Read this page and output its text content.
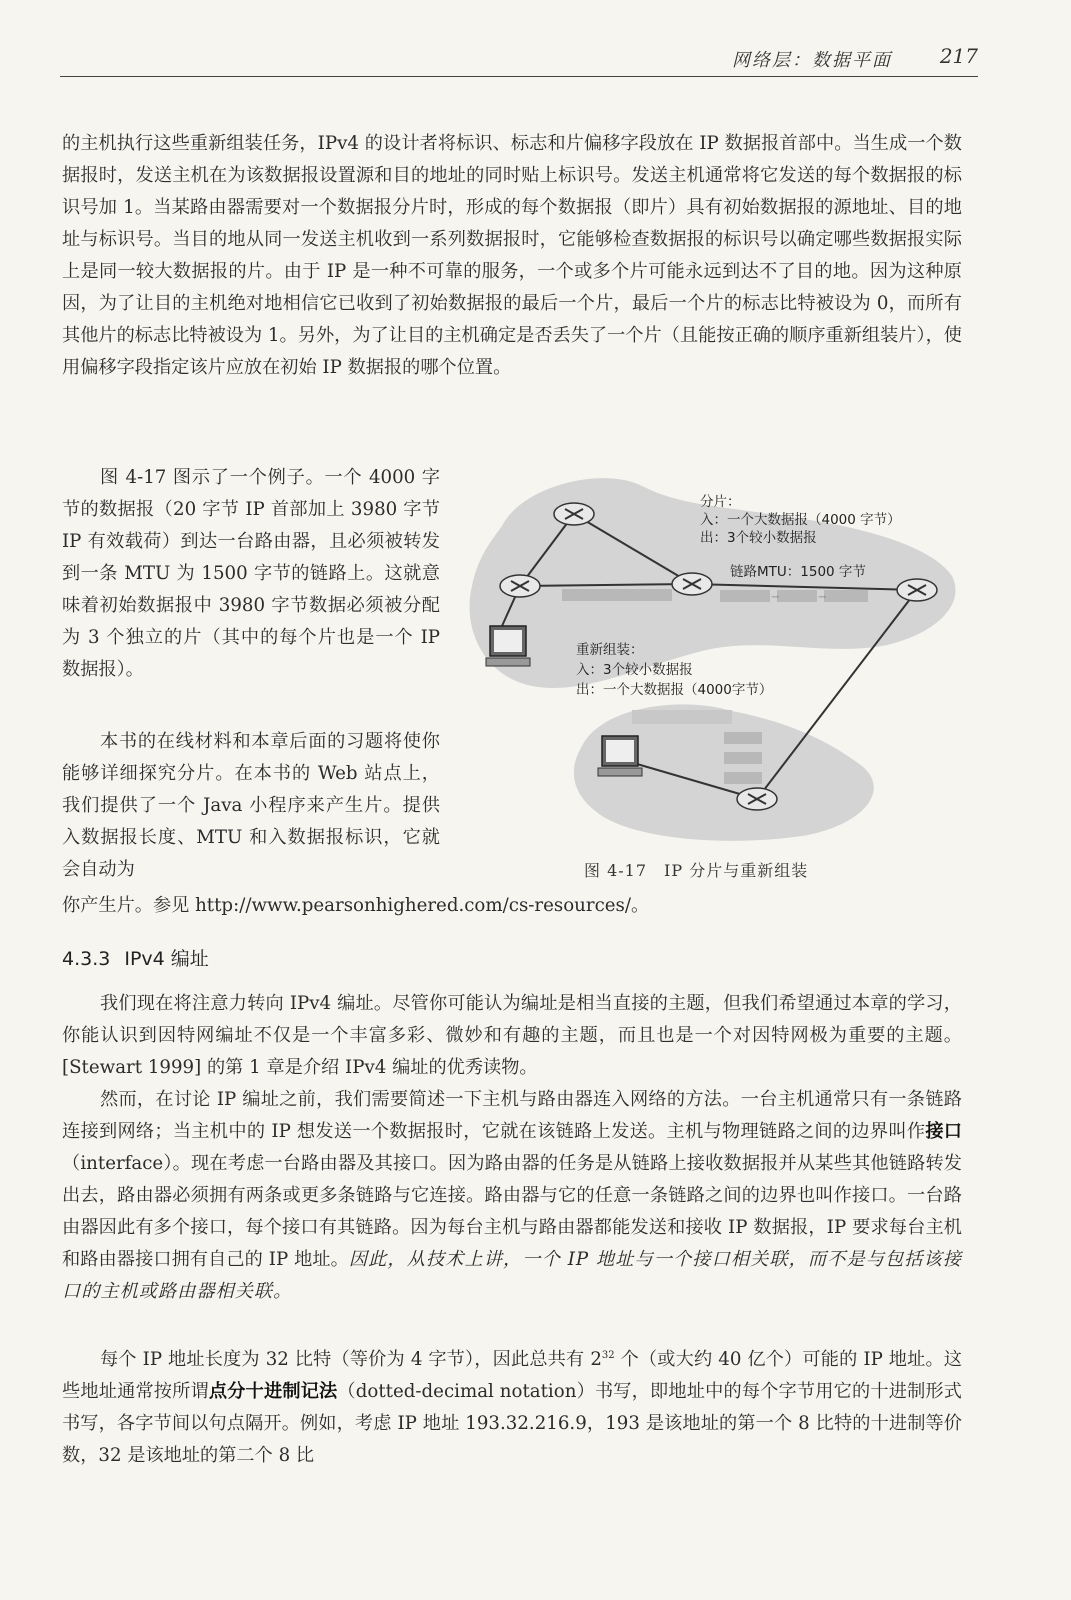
网络层：数据平面 217

的主机执行这些重新组装任务，IPv4 的设计者将标识、标志和片偏移字段放在 IP 数据报首部中。当生成一个数据报时，发送主机在为该数据报设置源和目的地址的同时贴上标识号。发送主机通常将它发送的每个数据报的标识号加 1。当某路由器需要对一个数据报分片时，形成的每个数据报（即片）具有初始数据报的源地址、目的地址与标识号。当目的地从同一发送主机收到一系列数据报时，它能够检查数据报的标识号以确定哪些数据报实际上是同一较大数据报的片。由于 IP 是一种不可靠的服务，一个或多个片可能永远到达不了目的地。因为这种原因，为了让目的主机绝对地相信它已收到了初始数据报的最后一个片，最后一个片的标志比特被设为 0，而所有其他片的标志比特被设为 1。另外，为了让目的主机确定是否丢失了一个片（且能按正确的顺序重新组装片），使用偏移字段指定该片应放在初始 IP 数据报的哪个位置。

图 4-17 图示了一个例子。一个 4000 字节的数据报（20 字节 IP 首部加上 3980 字节 IP 有效载荷）到达一台路由器，且必须被转发到一条 MTU 为 1500 字节的链路上。这就意味着初始数据报中 3980 字节数据必须被分配为 3 个独立的片（其中的每个片也是一个 IP 数据报）。

本书的在线材料和本章后面的习题将使你能够详细探究分片。在本书的 Web 站点上，我们提供了一个 Java 小程序来产生片。提供入数据报长度、MTU 和入数据报标识，它就会自动为

你产生片。参见 http://www.pearsonhighered.com/cs-resources/。

→	→
分片：
入：一个大数据报（4000 字节）
出：3个较小数据报
链路MTU：1500 字节
重新组装：
入：3个较小数据报
出：一个大数据报（4000字节）
图 4-17　IP 分片与重新组装
4.3.3 IPv4 编址

我们现在将注意力转向 IPv4 编址。尽管你可能认为编址是相当直接的主题，但我们希望通过本章的学习，你能认识到因特网编址不仅是一个丰富多彩、微妙和有趣的主题，而且也是一个对因特网极为重要的主题。[Stewart 1999] 的第 1 章是介绍 IPv4 编址的优秀读物。

然而，在讨论 IP 编址之前，我们需要简述一下主机与路由器连入网络的方法。一台主机通常只有一条链路连接到网络；当主机中的 IP 想发送一个数据报时，它就在该链路上发送。主机与物理链路之间的边界叫作接口（interface）。现在考虑一台路由器及其接口。因为路由器的任务是从链路上接收数据报并从某些其他链路转发出去，路由器必须拥有两条或更多条链路与它连接。路由器与它的任意一条链路之间的边界也叫作接口。一台路由器因此有多个接口，每个接口有其链路。因为每台主机与路由器都能发送和接收 IP 数据报，IP 要求每台主机和路由器接口拥有自己的 IP 地址。因此，从技术上讲，一个 IP 地址与一个接口相关联，而不是与包括该接口的主机或路由器相关联。

每个 IP 地址长度为 32 比特（等价为 4 字节），因此总共有 $2^{32}$ 个（或大约 40 亿个）可能的 IP 地址。这些地址通常按所谓点分十进制记法（dotted-decimal notation）书写，即地址中的每个字节用它的十进制形式书写，各字节间以句点隔开。例如，考虑 IP 地址 193.32.216.9，193 是该地址的第一个 8 比特的十进制等价数，32 是该地址的第二个 8 比
